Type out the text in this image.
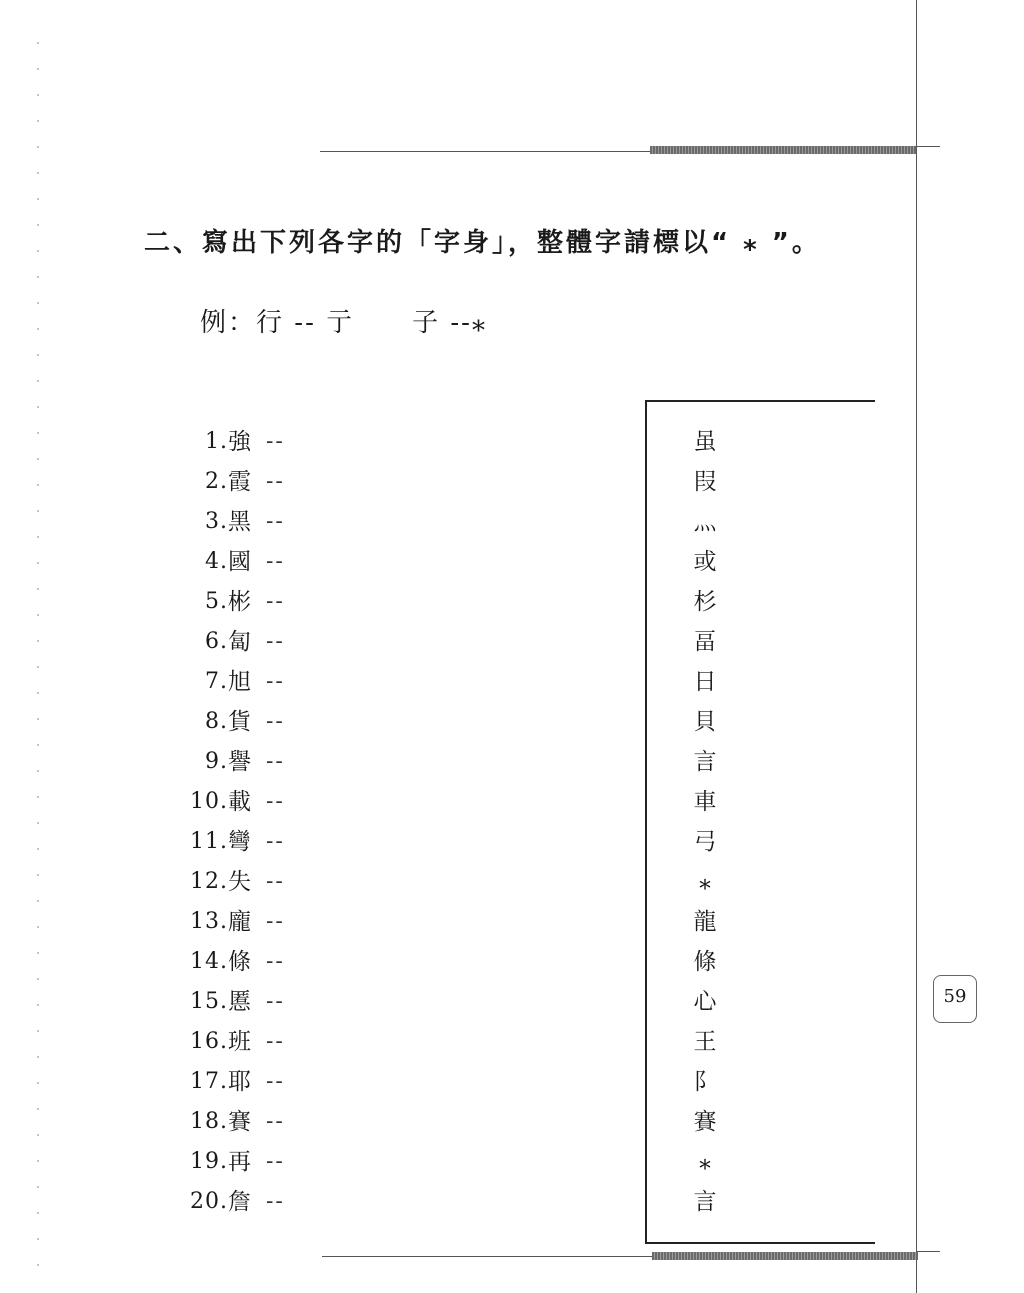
二、寫出下列各字的「字身」，整體字請標以“ ⁎ ”。
例：行 -- 亍 子 --⁎
1. 強 --
2. 霞 --
3. 黑 --
4. 國 --
5. 彬 --
6. 匐 --
7. 旭 --
8. 貨 --
9. 譽 --
10. 載 --
11. 彎 --
12. 失 --
13. 龐 --
14. 條 --
15. 慝 --
16. 班 --
17. 耶 --
18. 賽 --
19. 再 --
20. 詹 --
虽
叚
灬
或
杉
畐
日
貝
言
車
弓
⁎
龍
條
心
王
阝
賽
⁎
言
59
